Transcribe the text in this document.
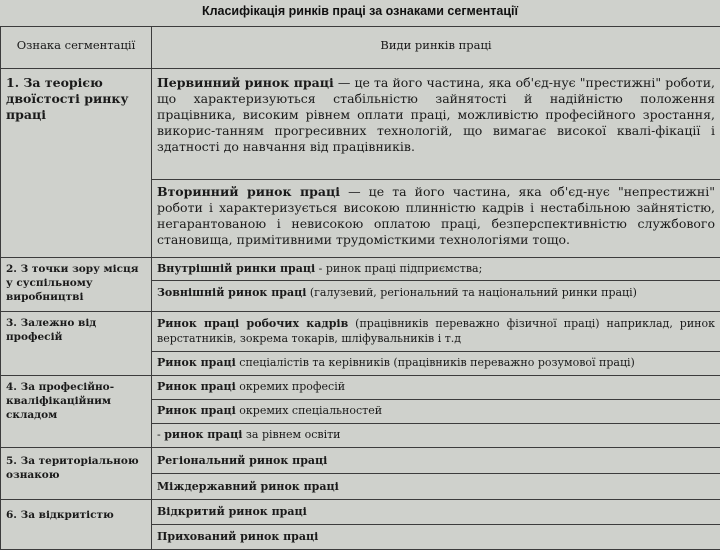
Класифікація ринків праці за ознаками сегментації
Ознака сегментації	Види ринків праці
1. За теорією двоїстості ринку праці	Первинний ринок праці — це та його частина, яка об'єд-нує "престижні" роботи, що характеризуються стабільністю зайнятості й надійністю положення працівника, високим рівнем оплати праці, можливістю професійного зростання, викорис-танням прогресивних технологій, що вимагає високої квалі-фікації і здатності до навчання від працівників.
	Вторинний ринок праці — це та його частина, яка об'єд-нує "непрестижні" роботи і характеризується високою плинністю кадрів і нестабільною зайнятістю, негарантованою і невисокою оплатою праці, безперспективністю службового становища, примітивними трудомісткими технологіями тощо.
2. З точки зору місця у суспільному виробництві	Внутрішній ринки праці - ринок праці підприємства;
	Зовнішній ринок праці (галузевий, регіональний та національний ринки праці)
3. Залежно від професій	Ринок праці робочих кадрів (працівників переважно фізичної праці) наприклад, ринок верстатників, зокрема токарів, шліфувальників і т.д
	Ринок праці спеціалістів та керівників (працівників переважно розумової праці)
4. За професійно-кваліфікаційним складом	Ринок праці окремих професій
	Ринок праці окремих спеціальностей
	- ринок праці за рівнем освіти
5. За територіальною ознакою	Регіональний ринок праці
	Міждержавний ринок праці
6. За відкритістю	Відкритий ринок праці
	Прихований ринок праці
